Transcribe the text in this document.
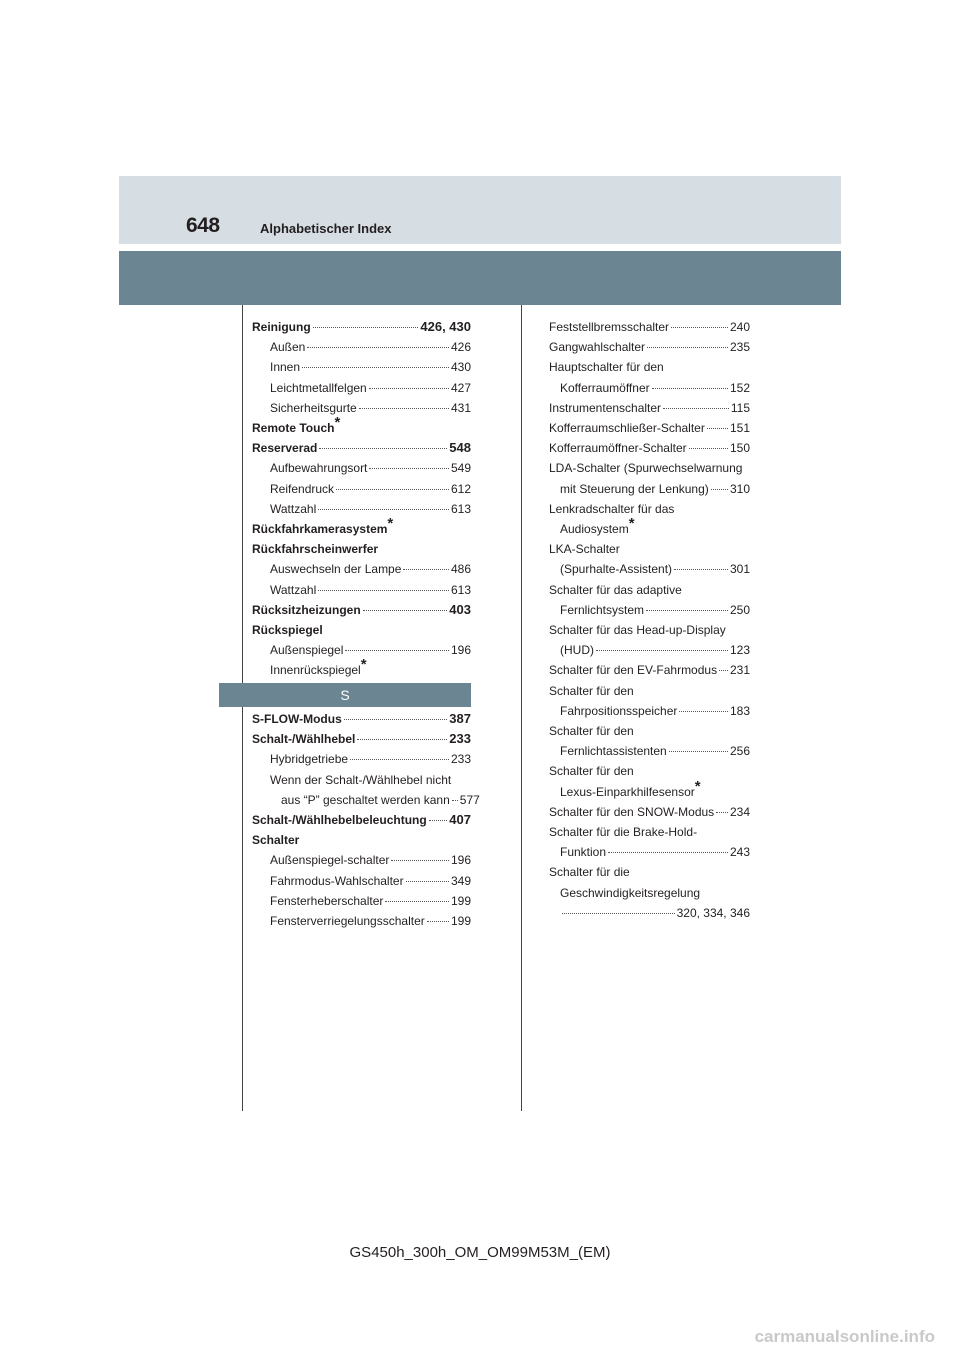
648	Alphabetischer Index
Reinigung	426, 430
Außen	426
Innen	430
Leichtmetallfelgen	427
Sicherheitsgurte	431
Remote Touch*
Reserverad	548
Aufbewahrungsort	549
Reifendruck	612
Wattzahl	613
Rückfahrkamerasystem*
Rückfahrscheinwerfer
Auswechseln der Lampe	486
Wattzahl	613
Rücksitzheizungen	403
Rückspiegel
Außenspiegel	196
Innenrückspiegel*
S
S-FLOW-Modus	387
Schalt-/Wählhebel	233
Hybridgetriebe	233
Wenn der Schalt-/Wählhebel nicht
aus “P” geschaltet werden kann 577
Schalt-/Wählhebelbeleuchtung 407
Schalter
Außenspiegel-schalter	196
Fahrmodus-Wahlschalter	349
Fensterheberschalter	199
Fensterverriegelungsschalter 199
Feststellbremsschalter	240
Gangwahlschalter	235
Hauptschalter für den
Kofferraumöffner	152
Instrumentenschalter	115
Kofferraumschließer-Schalter 151
Kofferraumöffner-Schalter	150
LDA-Schalter (Spurwechselwarnung
mit Steuerung der Lenkung) 310
Lenkradschalter für das
Audiosystem*
LKA-Schalter
(Spurhalte-Assistent)	301
Schalter für das adaptive
Fernlichtsystem	250
Schalter für das Head-up-Display
(HUD)	123
Schalter für den EV-Fahrmodus 231
Schalter für den
Fahrpositionsspeicher	183
Schalter für den
Fernlichtassistenten	256
Schalter für den
Lexus-Einparkhilfesensor*
Schalter für den SNOW-Modus 234
Schalter für die Brake-Hold-
Funktion	243
Schalter für die
Geschwindigkeitsregelung
320, 334, 346
GS450h_300h_OM_OM99M53M_(EM)
carmanualsonline.info
